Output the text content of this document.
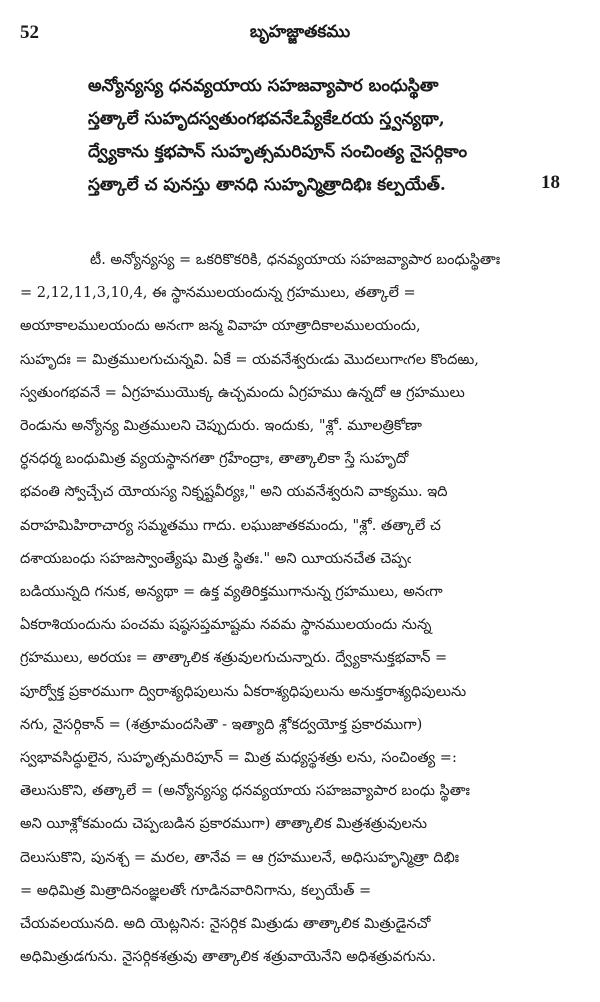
52	బృహజ్జాతకము
అన్యోన్యస్య ధనవ్యయాయ సహజవ్యాపార బంధుస్థితా
స్తత్కాలే సుహృదస్వతుంగభవనేఽప్యేకేఽరయ స్త్వన్యథా,
ద్వ్యేకాను క్తభపాన్ సుహృత్సమరిపూన్ సంచింత్య నైసర్గికాం
స్తత్కాలే చ పునస్తు తానధి సుహృన్మిత్రాదిభిః కల్పయేత్.	18
టీ. అన్యోన్యస్య = ఒకరికొకరికి, ధనవ్యయాయ సహజవ్యాపార బంధుస్థితాః
= 2,12,11,3,10,4, ఈ స్థానములయందున్న గ్రహములు, తత్కాలే =
అయాకాలములయందు అనఁగా జన్మ వివాహ యాత్రాదికాలములయందు,
సుహృదః = మిత్రములగుచున్నవి. ఏకే = యవనేశ్వరుఁడు మొదలుగాఁగల కొందఱు,
స్వతుంగభవనే = ఏగ్రహముయొక్క ఉచ్చమందు ఏగ్రహము ఉన్నదో ఆ గ్రహములు
రెండును అన్యోన్య మిత్రములని చెప్పుదురు. ఇందుకు, "శ్లో. మూలత్రికోణా
ర్ధనధర్మ బంధుమిత్ర వ్యయస్థానగతా గ్రహేంద్రాః, తాత్కాలికా స్తే సుహృదో
భవంతి స్వోచ్చేచ యోయస్య నిక్నష్టవీర్యః," అని యవనేశ్వరుని వాక్యము. ఇది
వరాహమిహిరాచార్య సమ్మతము గాదు. లఘుజాతకమందు, "శ్లో. తత్కాలే చ
దశాయబంధు సహజస్వాంత్యేషు మిత్ర స్థితః." అని యీయనచేత చెప్పఁ
బడియున్నది గనుక, అన్యథా = ఉక్త వ్యతిరిక్తముగానున్న గ్రహములు, అనఁగా
ఏకరాశియందును పంచమ షష్ఠసప్తమాష్టమ నవమ స్థానములయందు నున్న
గ్రహములు, అరయః = తాత్కాలిక శత్రువులగుచున్నారు. ద్వ్యేకానుక్తభవాన్ =
పూర్వోక్త ప్రకారముగా ద్విరాశ్యధిపులును ఏకరాశ్యధిపులును అనుక్తరాశ్యధిపులును
నగు, నైసర్గికాన్ = (శత్రూమందసితౌ - ఇత్యాది శ్లోకద్వయోక్త ప్రకారముగా)
స్వభావసిద్ధులైన, సుహృత్సమరిపూన్ = మిత్ర మధ్యస్థశత్రు లను, సంచింత్య =:
తెలుసుకొని, తత్కాలే = (అన్యోన్యస్య ధనవ్యయాయ సహజవ్యాపార బంధు స్థితాః
అని యీశ్లోకమందు చెప్పఁబడిన ప్రకారముగా) తాత్కాలిక మిత్రశత్రువులను
దెలుసుకొని, పునశ్చ = మరల, తానేవ = ఆ గ్రహములనే, అధిసుహృన్మిత్రా దిభిః
= అధిమిత్ర మిత్రాదినంజ్ఞలతోఁ గూడినవారినిగాను, కల్పయేత్ =
చేయవలయునది. అది యెట్లనిన: నైసర్గిక మిత్రుడు తాత్కాలిక మిత్రుడైనచో
అధిమిత్రుడగును. నైసర్గికశత్రువు తాత్కాలిక శత్రువాయెనేని అధిశత్రువగును.
